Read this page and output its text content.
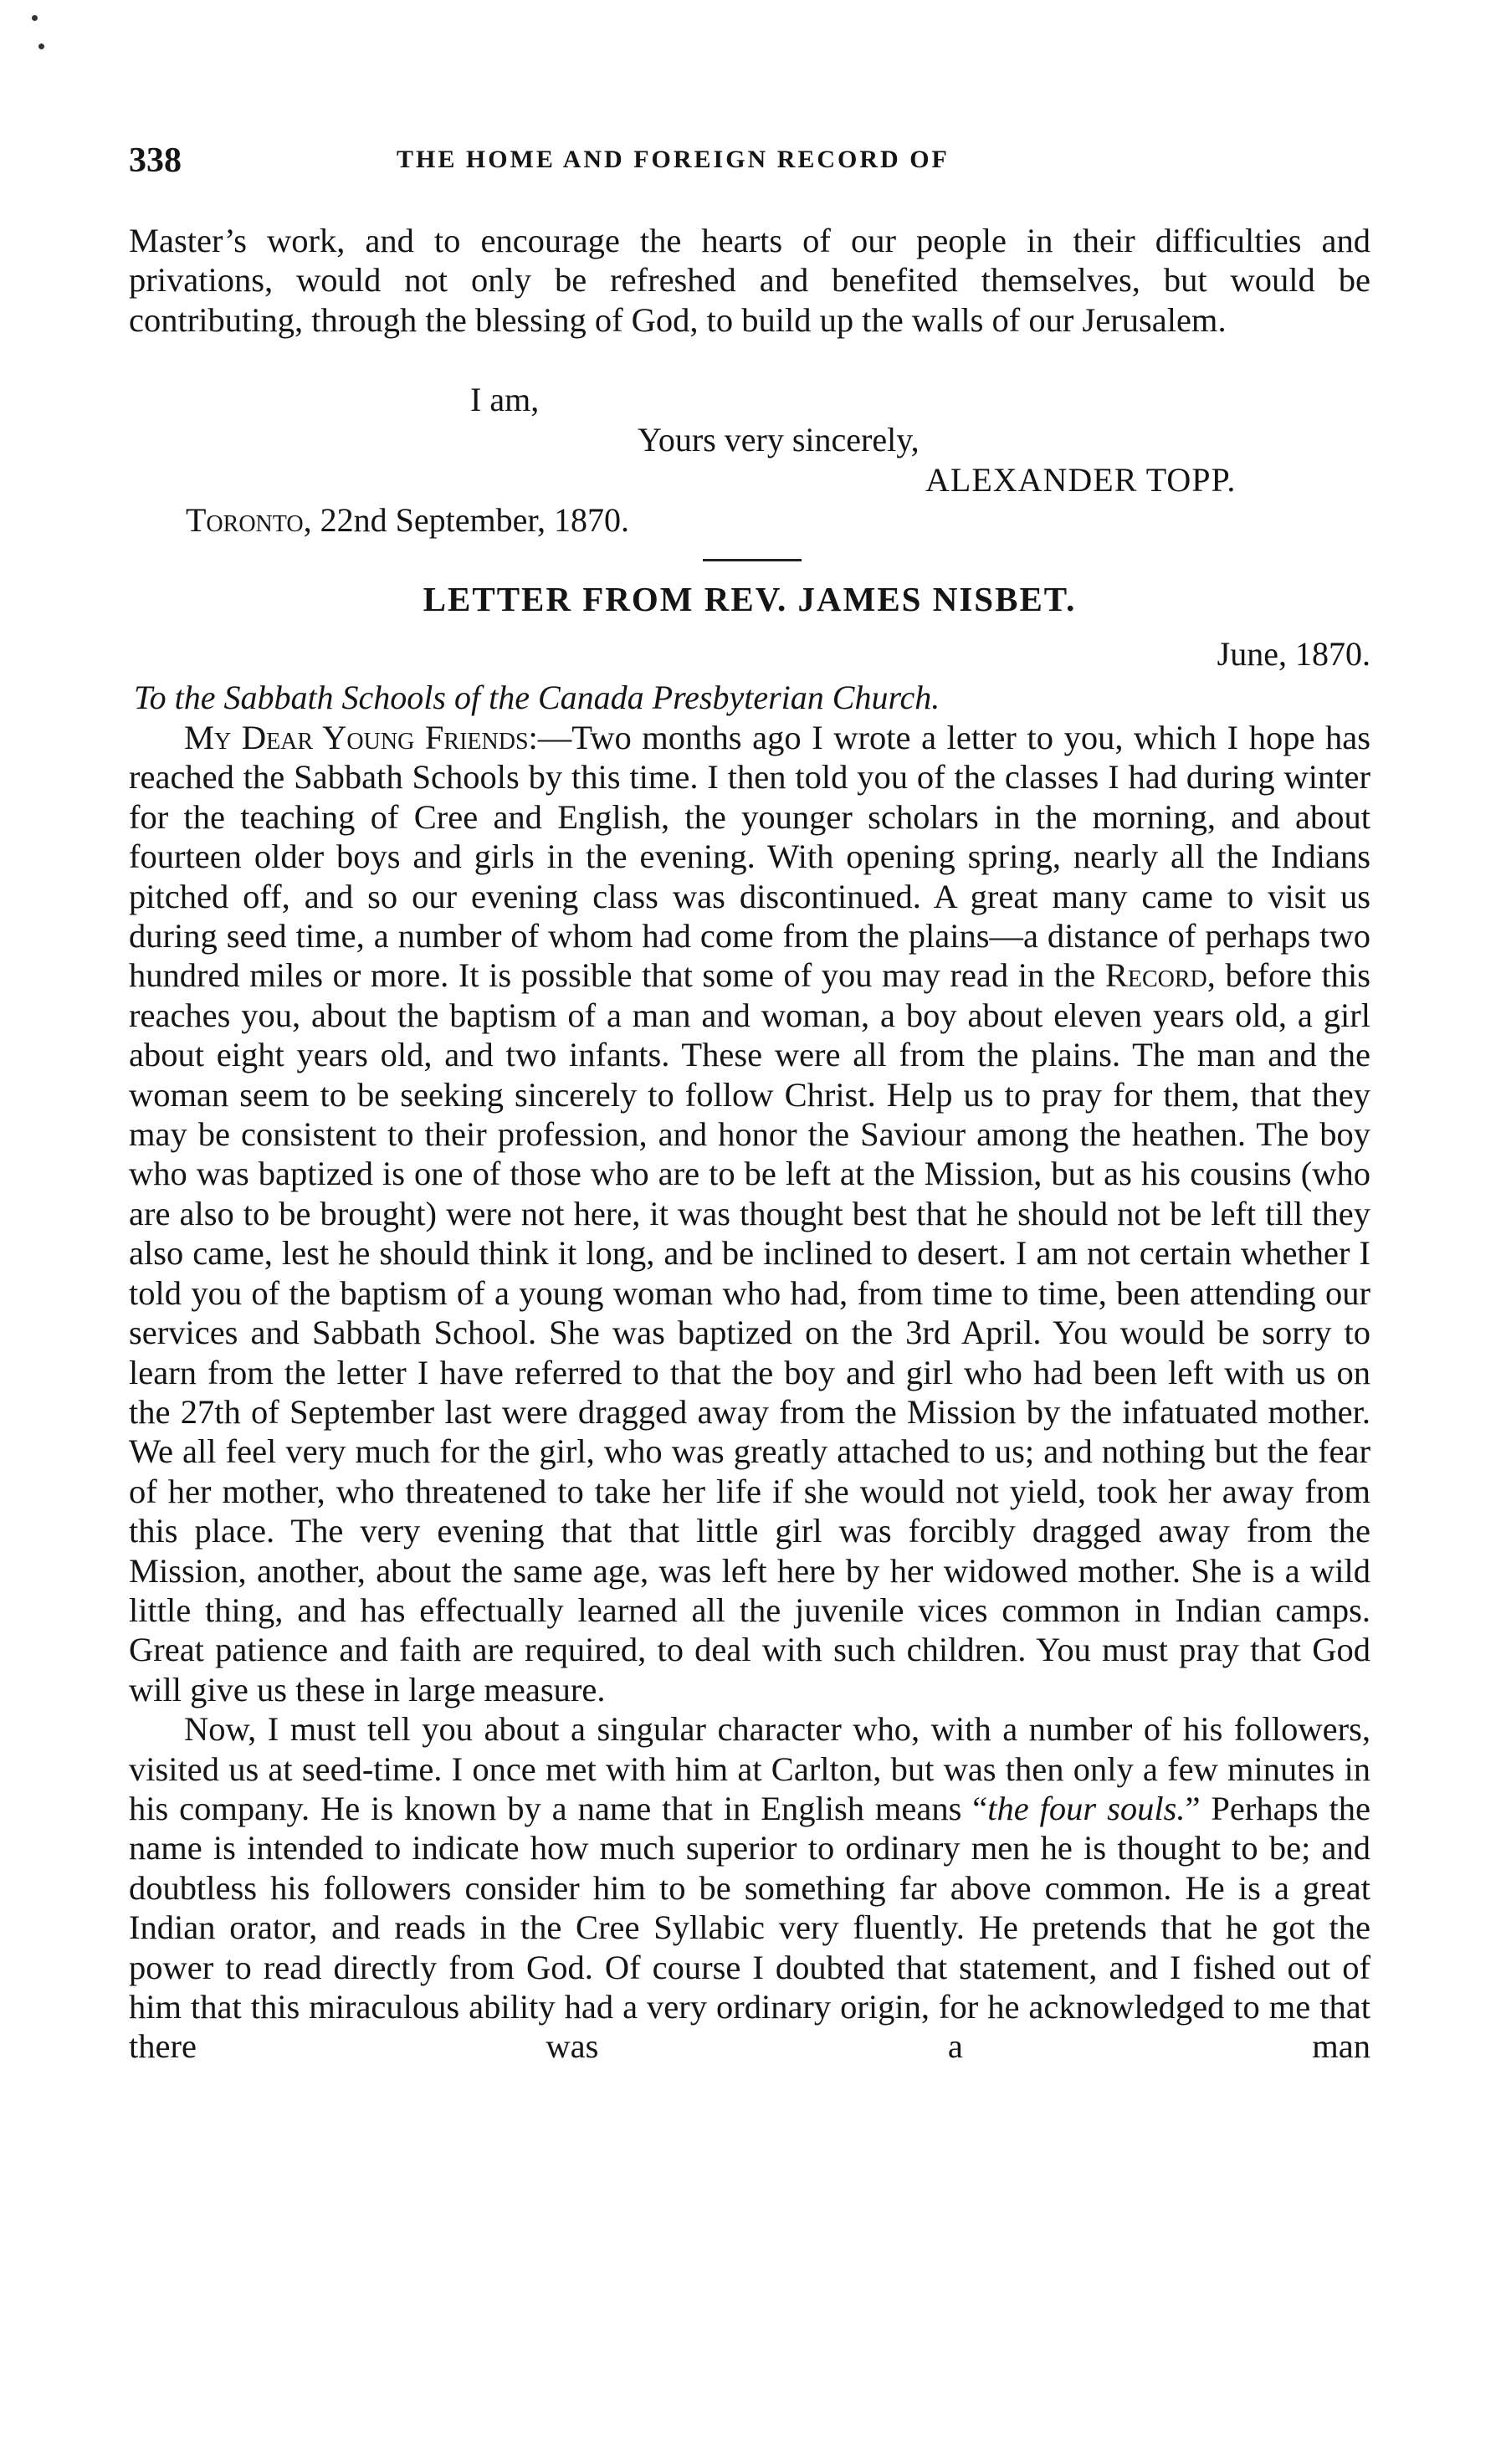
338	THE HOME AND FOREIGN RECORD OF

Master’s work, and to encourage the hearts of our people in their difficulties and privations, would not only be refreshed and benefited themselves, but would be contributing, through the blessing of God, to build up the walls of our Jerusalem.

I am,
Yours very sincerely,
ALEXANDER TOPP.
Toronto, 22nd September, 1870.
LETTER FROM REV. JAMES NISBET.
June, 1870.
To the Sabbath Schools of the Canada Presbyterian Church.

My Dear Young Friends:—Two months ago I wrote a letter to you, which I hope has reached the Sabbath Schools by this time. I then told you of the classes I had during winter for the teaching of Cree and English, the younger scholars in the morning, and about fourteen older boys and girls in the evening. With opening spring, nearly all the Indians pitched off, and so our evening class was discontinued. A great many came to visit us during seed time, a number of whom had come from the plains—a distance of perhaps two hundred miles or more. It is possible that some of you may read in the Record, before this reaches you, about the baptism of a man and woman, a boy about eleven years old, a girl about eight years old, and two infants. These were all from the plains. The man and the woman seem to be seeking sincerely to follow Christ. Help us to pray for them, that they may be consistent to their profession, and honor the Saviour among the heathen. The boy who was baptized is one of those who are to be left at the Mission, but as his cousins (who are also to be brought) were not here, it was thought best that he should not be left till they also came, lest he should think it long, and be inclined to desert. I am not certain whether I told you of the baptism of a young woman who had, from time to time, been attending our services and Sabbath School. She was baptized on the 3rd April. You would be sorry to learn from the letter I have referred to that the boy and girl who had been left with us on the 27th of September last were dragged away from the Mission by the infatuated mother. We all feel very much for the girl, who was greatly attached to us; and nothing but the fear of her mother, who threatened to take her life if she would not yield, took her away from this place. The very evening that that little girl was forcibly dragged away from the Mission, another, about the same age, was left here by her widowed mother. She is a wild little thing, and has effectually learned all the juvenile vices common in Indian camps. Great patience and faith are required, to deal with such children. You must pray that God will give us these in large measure.

Now, I must tell you about a singular character who, with a number of his followers, visited us at seed-time. I once met with him at Carlton, but was then only a few minutes in his company. He is known by a name that in English means “the four souls.” Perhaps the name is intended to indicate how much superior to ordinary men he is thought to be; and doubtless his followers consider him to be something far above common. He is a great Indian orator, and reads in the Cree Syllabic very fluently. He pretends that he got the power to read directly from God. Of course I doubted that statement, and I fished out of him that this miraculous ability had a very ordinary origin, for he acknowledged to me that there was a man
